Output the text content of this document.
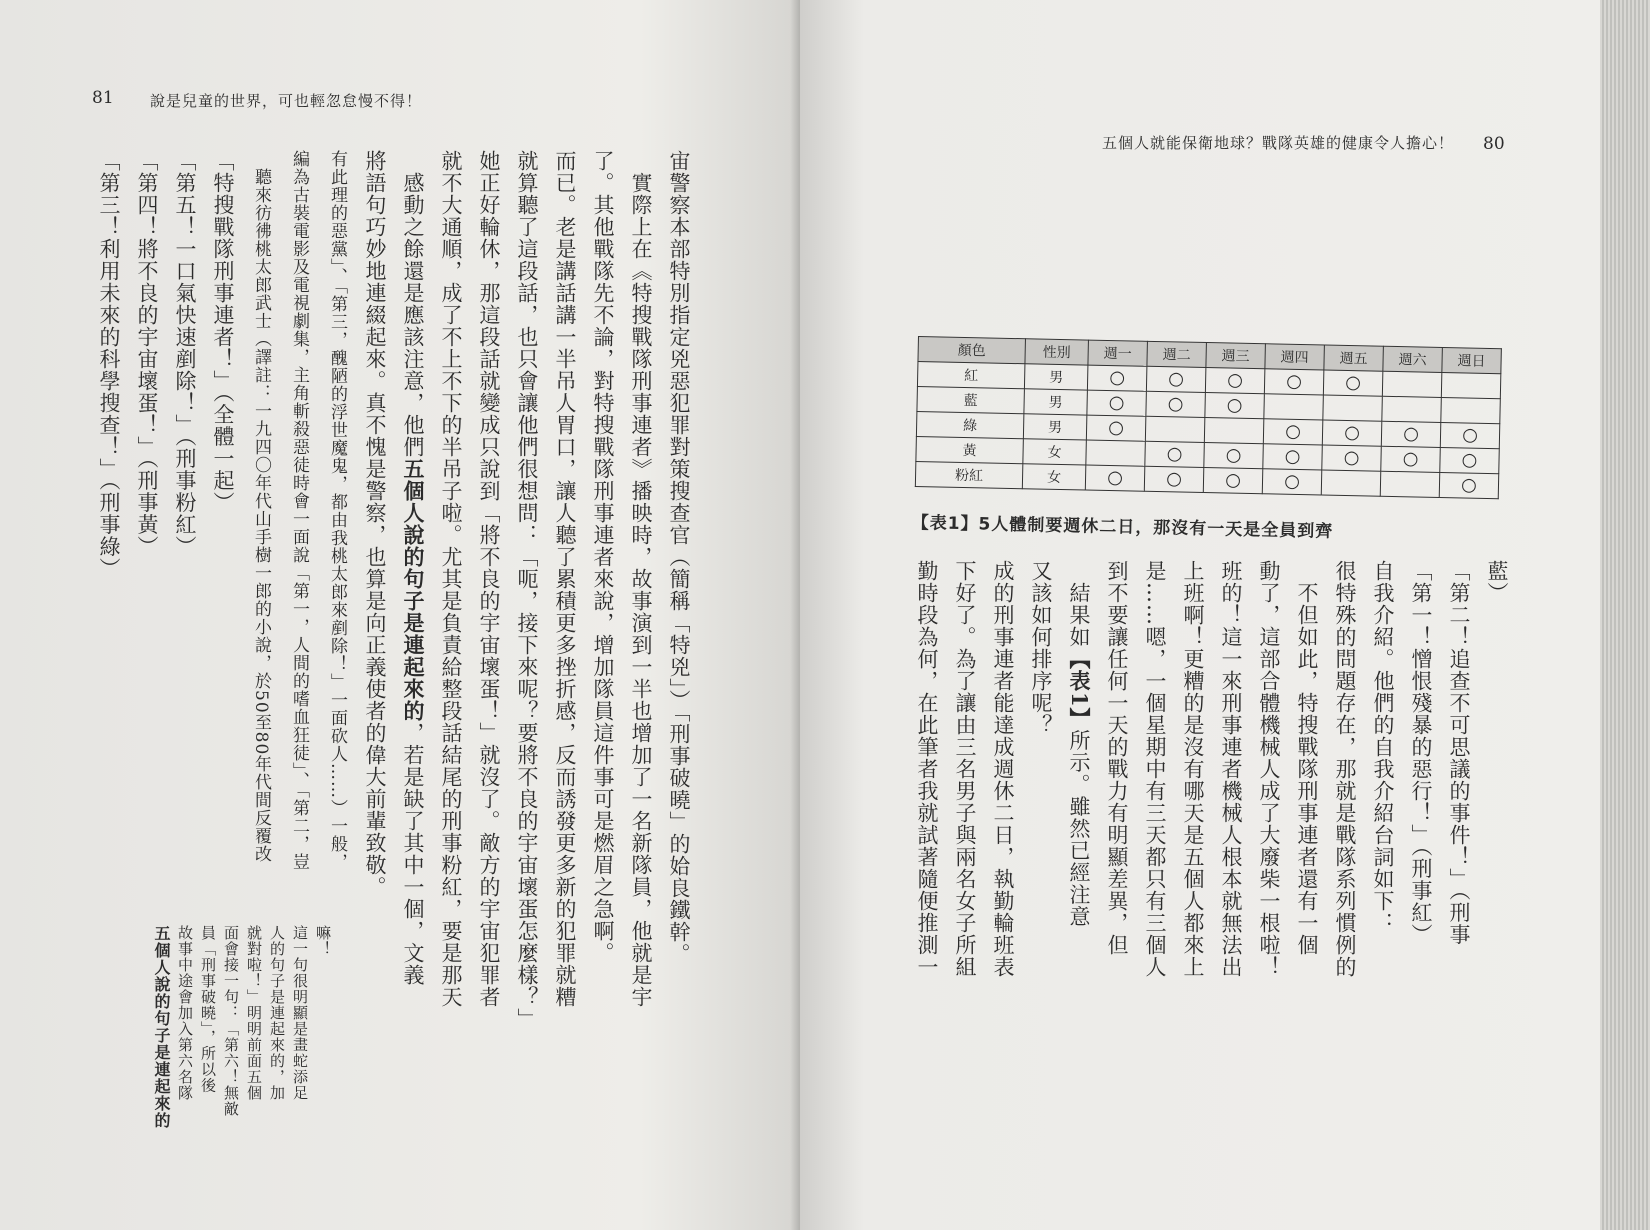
81 說是兒童的世界，可也輕忽怠慢不得！
宙警察本部特別指定兇惡犯罪對策搜查官（簡稱「特兇」）「刑事破曉」的姶良鐵幹。
　實際上在《特搜戰隊刑事連者》播映時，故事演到一半也增加了一名新隊員，他就是宇
了。其他戰隊先不論，對特搜戰隊刑事連者來說，增加隊員這件事可是燃眉之急啊。
而已。老是講話講一半吊人胃口，讓人聽了累積更多挫折感，反而誘發更多新的犯罪就糟
就算聽了這段話，也只會讓他們很想問：「呃，接下來呢？要將不良的宇宙壞蛋怎麼樣？」
她正好輪休，那這段話就變成只說到「將不良的宇宙壞蛋！」就沒了。敵方的宇宙犯罪者
就不大通順，成了不上不下的半吊子啦。尤其是負責給整段話結尾的刑事粉紅，要是那天
　感動之餘還是應該注意，他們五個人說的句子是連起來的，若是缺了其中一個，文義
將語句巧妙地連綴起來。真不愧是警察，也算是向正義使者的偉大前輩致敬。
有此理的惡黨」、「第三，醜陋的浮世魔鬼，都由我桃太郎來剷除！」一面砍人……）一般，
編為古裝電影及電視劇集，主角斬殺惡徒時會一面說「第一，人間的嗜血狂徒」、「第二，豈
　聽來彷彿桃太郎武士（譯註：一九四〇年代山手樹一郎的小說，於50至80年代間反覆改
「特搜戰隊刑事連者！」（全體一起）
「第五！一口氣快速剷除！」（刑事粉紅）
「第四！將不良的宇宙壞蛋！」（刑事黃）
「第三！利用未來的科學搜查！」（刑事綠）
嘛！
這一句很明顯是畫蛇添足
人的句子是連起來的，加
就對啦！」明明前面五個
面會接一句：「第六！無敵
員「刑事破曉」，所以後
故事中途會加入第六名隊
五個人說的句子是連起來的
五個人就能保衛地球？戰隊英雄的健康令人擔心！ 80
藍）
「第二！追查不可思議的事件！」（刑事
「第一！憎恨殘暴的惡行！」（刑事紅）
自我介紹。他們的自我介紹台詞如下：
很特殊的問題存在，那就是戰隊系列慣例的
　不但如此，特搜戰隊刑事連者還有一個
動了，這部合體機械人成了大廢柴一根啦！
班的！這一來刑事連者機械人根本就無法出
上班啊！更糟的是沒有哪天是五個人都來上
是……嗯，一個星期中有三天都只有三個人
到不要讓任何一天的戰力有明顯差異，但
　結果如【表1】所示。雖然已經注意
又該如何排序呢？
成的刑事連者能達成週休二日，執勤輪班表
下好了。為了讓由三名男子與兩名女子所組
勤時段為何，在此筆者我就試著隨便推測一
顏色	性別	週一	週二	週三	週四	週五	週六	週日
紅	男	○	○	○	○	○		
藍	男	○	○	○				
綠	男	○			○	○	○	○
黃	女		○	○	○	○	○	○
粉紅	女	○	○	○	○			○
【表1】5人體制要週休二日，那沒有一天是全員到齊
